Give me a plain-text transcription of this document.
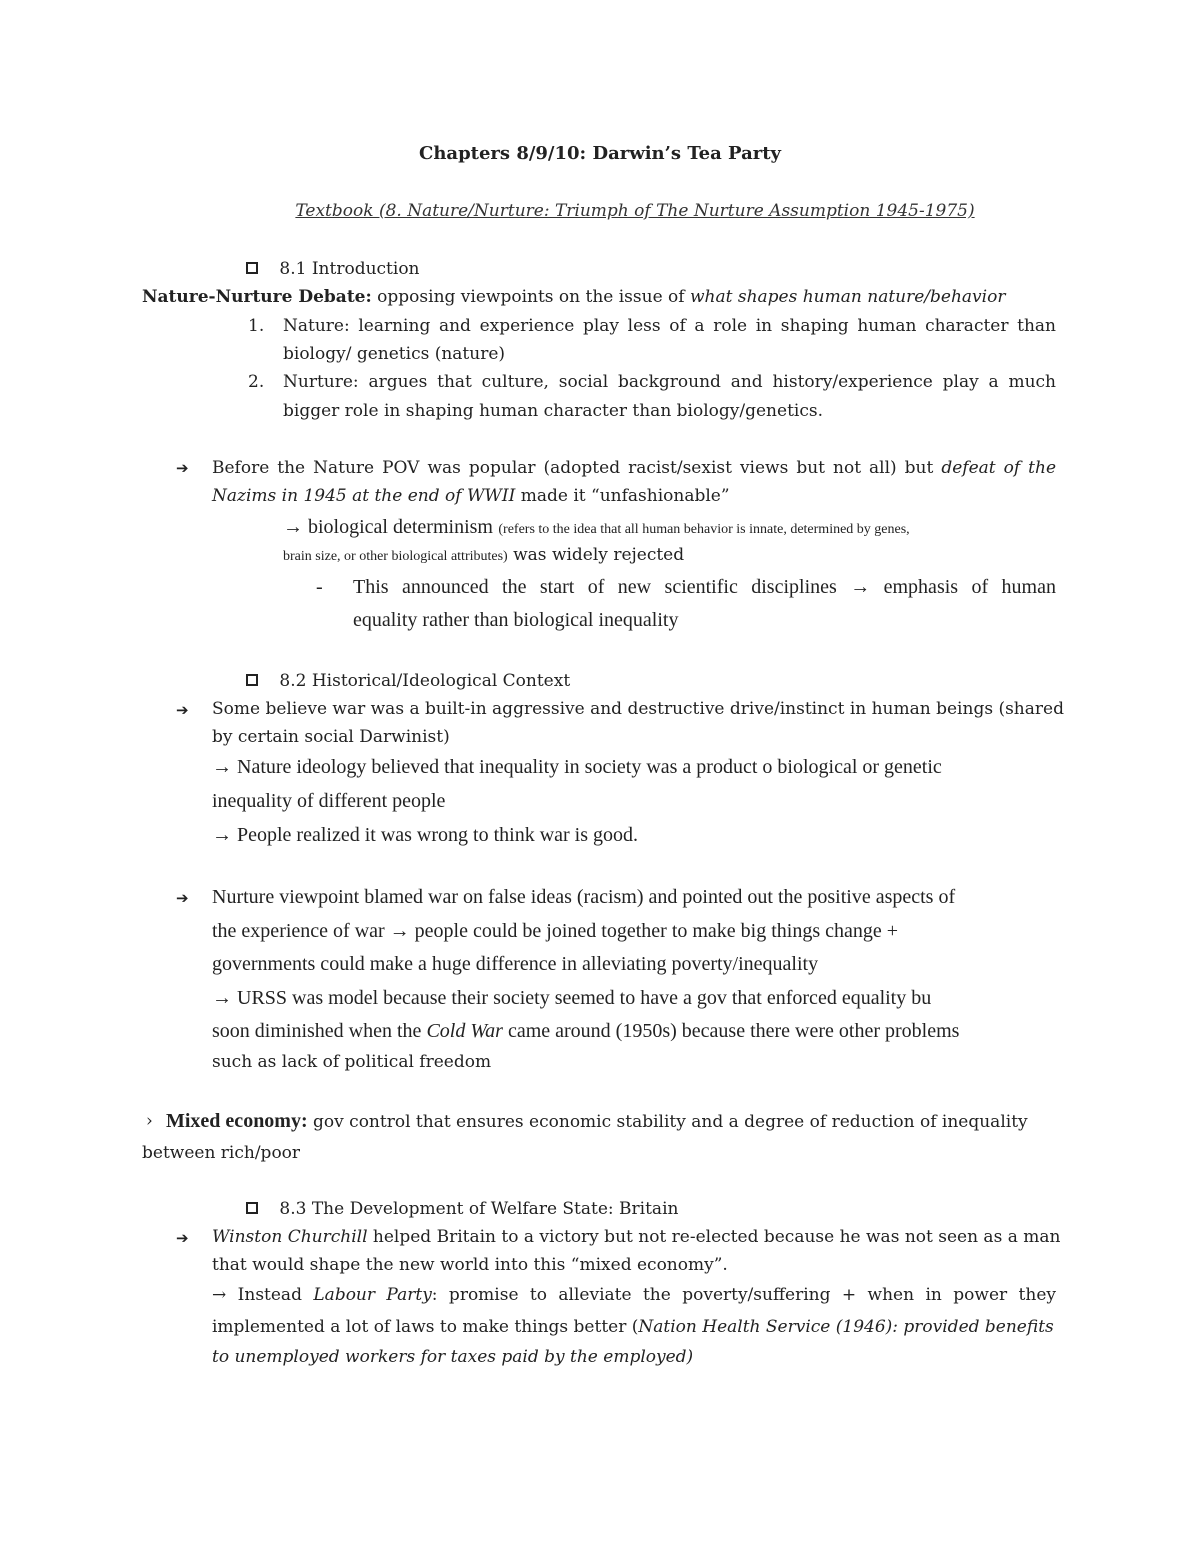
Chapters 8/9/10: Darwin’s Tea Party
Textbook (8. Nature/Nurture: Triumph of The Nurture Assumption 1945-1975)
8.1 Introduction
Nature-Nurture Debate: opposing viewpoints on the issue of what shapes human nature/behavior
1. Nature: learning and experience play less of a role in shaping human character than
biology/ genetics (nature)
2. Nurture: argues that culture, social background and history/experience play a much
bigger role in shaping human character than biology/genetics.
➔ Before the Nature POV was popular (adopted racist/sexist views but not all) but defeat of the
Nazims in 1945 at the end of WWII made it “unfashionable”
→ biological determinism (refers to the idea that all human behavior is innate, determined by genes,
brain size, or other biological attributes) was widely rejected
- This announced the start of new scientific disciplines → emphasis of human
equality rather than biological inequality
8.2 Historical/Ideological Context
➔ Some believe war was a built-in aggressive and destructive drive/instinct in human beings (shared
by certain social Darwinist)
→ Nature ideology believed that inequality in society was a product o biological or genetic
inequality of different people
→ People realized it was wrong to think war is good.
➔ Nurture viewpoint blamed war on false ideas (racism) and pointed out the positive aspects of
the experience of war → people could be joined together to make big things change +
governments could make a huge difference in alleviating poverty/inequality
→ URSS was model because their society seemed to have a gov that enforced equality bu
soon diminished when the Cold War came around (1950s) because there were other problems
such as lack of political freedom
› Mixed economy: gov control that ensures economic stability and a degree of reduction of inequality
between rich/poor
8.3 The Development of Welfare State: Britain
➔ Winston Churchill helped Britain to a victory but not re-elected because he was not seen as a man
that would shape the new world into this “mixed economy”.
→ Instead Labour Party: promise to alleviate the poverty/suffering + when in power they
implemented a lot of laws to make things better (Nation Health Service (1946): provided benefits
to unemployed workers for taxes paid by the employed)
